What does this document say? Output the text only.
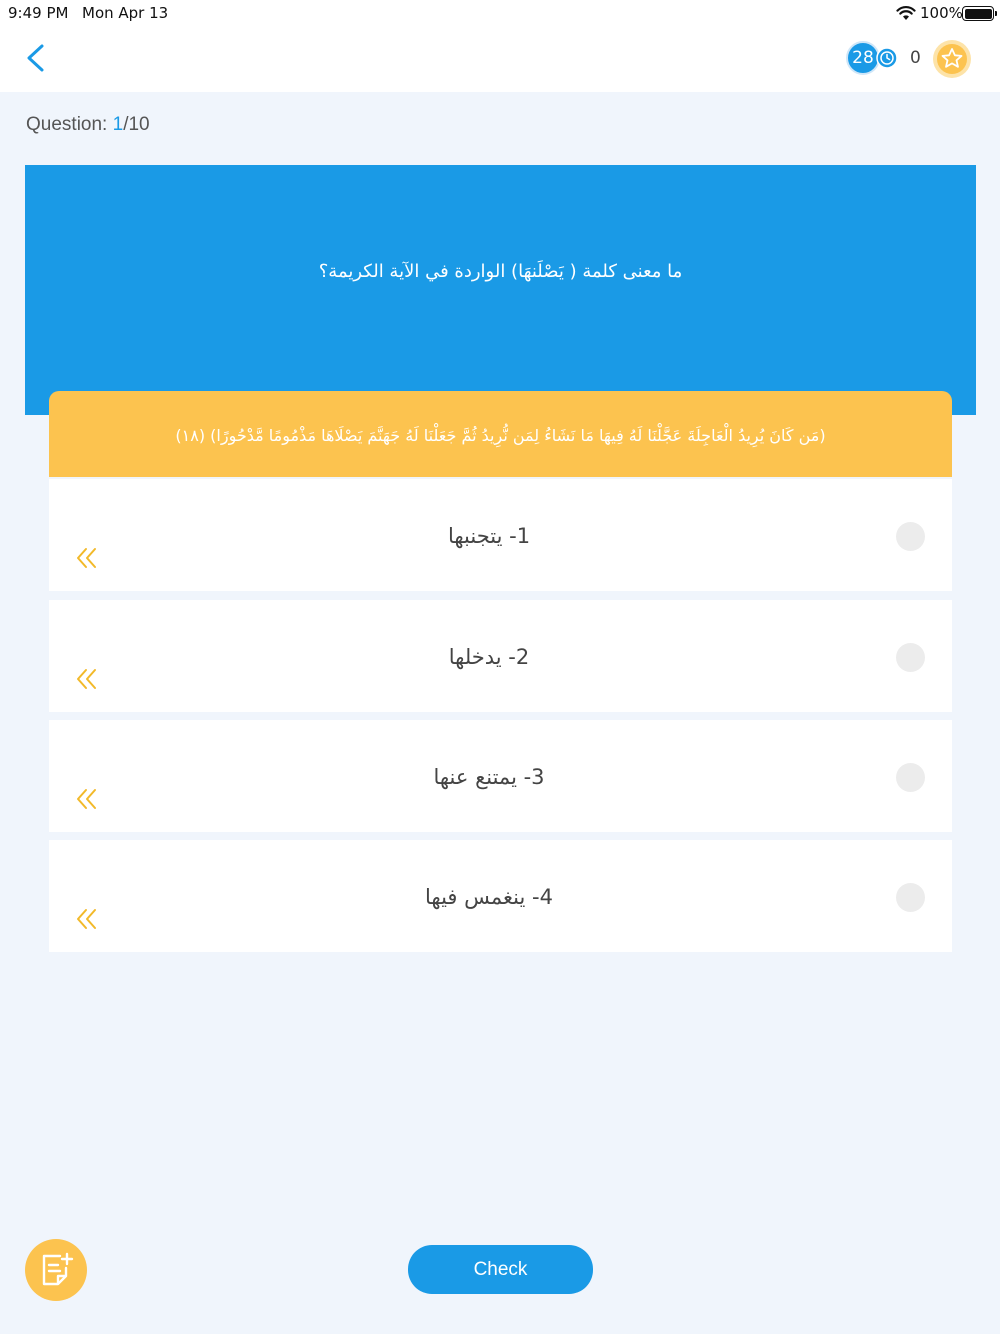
9:49 PM Mon Apr 13	100%
28	0
Question: 1/10
ما معنى كلمة ( يَصْلَنهَا) الواردة في الآية الكريمة؟
(مَن كَانَ يُرِيدُ الْعَاجِلَةَ عَجَّلْنَا لَهُ فِيهَا مَا نَشَاءُ لِمَن نُّرِيدُ ثُمَّ جَعَلْنَا لَهُ جَهَنَّمَ يَصْلَاهَا مَذْمُومًا مَّدْحُورًا) (١٨)
1- يتجنبها
2- يدخلها
3- يمتنع عنها
4- ينغمس فيها
Check
